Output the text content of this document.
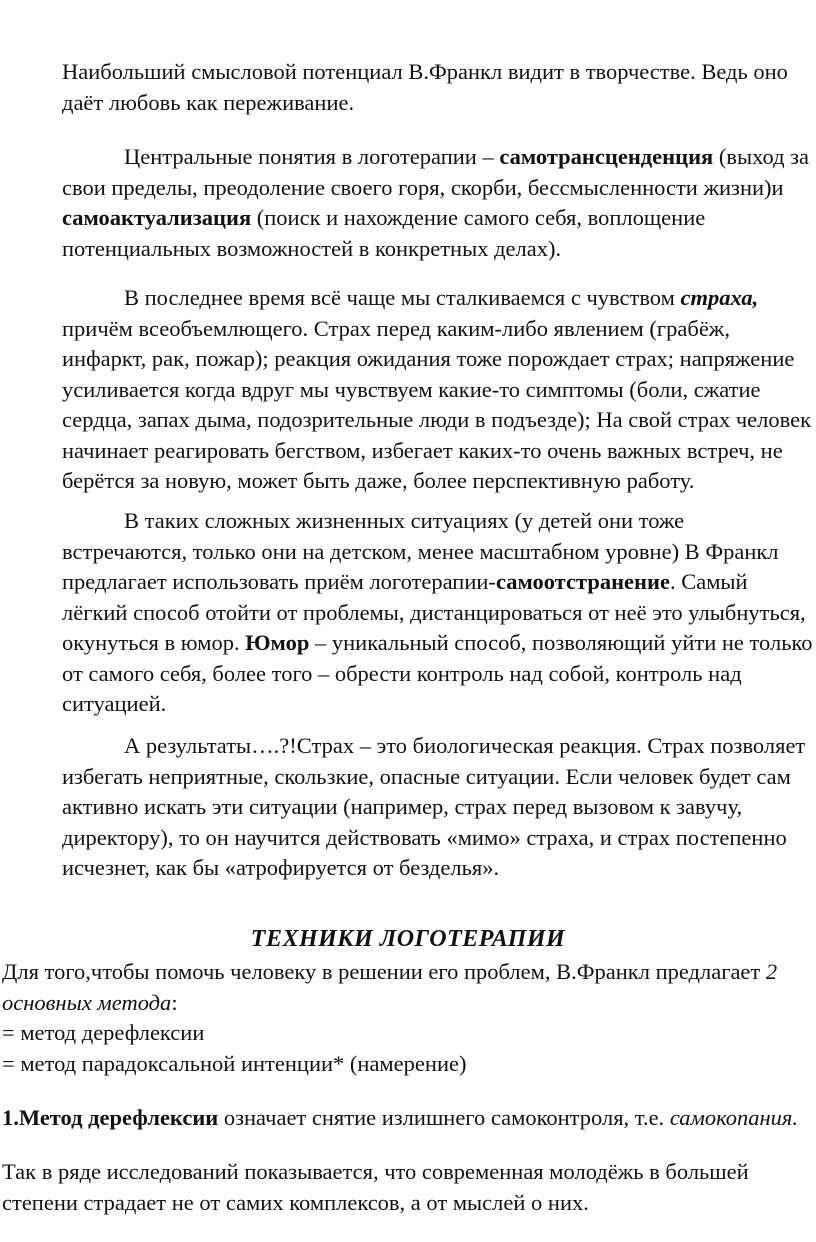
Наибольший смысловой потенциал В.Франкл видит в творчестве. Ведь оно даёт любовь как переживание.

Центральные понятия в логотерапии – самотрансценденция (выход за свои пределы, преодоление своего горя, скорби, бессмысленности жизни)и самоактуализация (поиск и нахождение самого себя, воплощение потенциальных возможностей в конкретных делах).

В последнее время всё чаще мы сталкиваемся с чувством страха, причём всеобъемлющего. Страх перед каким-либо явлением (грабёж, инфаркт, рак, пожар); реакция ожидания тоже порождает страх; напряжение усиливается когда вдруг мы чувствуем какие-то симптомы (боли, сжатие сердца, запах дыма, подозрительные люди в подъезде); На свой страх человек начинает реагировать бегством, избегает каких-то очень важных встреч, не берётся за новую, может быть даже, более перспективную работу.

В таких сложных жизненных ситуациях (у детей они тоже встречаются, только они на детском, менее масштабном уровне) В Франкл предлагает использовать приём логотерапии-самоотстранение. Самый лёгкий способ отойти от проблемы, дистанцироваться от неё это улыбнуться, окунуться в юмор. Юмор – уникальный способ, позволяющий уйти не только от самого себя, более того – обрести контроль над собой, контроль над ситуацией.

А результаты….?!Страх – это биологическая реакция. Страх позволяет избегать неприятные, скользкие, опасные ситуации. Если человек будет сам активно искать эти ситуации (например, страх перед вызовом к завучу, директору), то он научится действовать «мимо» страха, и страх постепенно исчезнет, как бы «атрофируется от безделья».

ТЕХНИКИ ЛОГОТЕРАПИИ

Для того,чтобы помочь человеку в решении его проблем, В.Франкл предлагает 2 основных метода:

= метод дерефлексии
= метод парадоксальной интенции* (намерение)

1.Метод дерефлексии означает снятие излишнего самоконтроля, т.е. самокопания.

Так в ряде исследований показывается, что современная молодёжь в большей степени страдает не от самих комплексов, а от мыслей о них.
